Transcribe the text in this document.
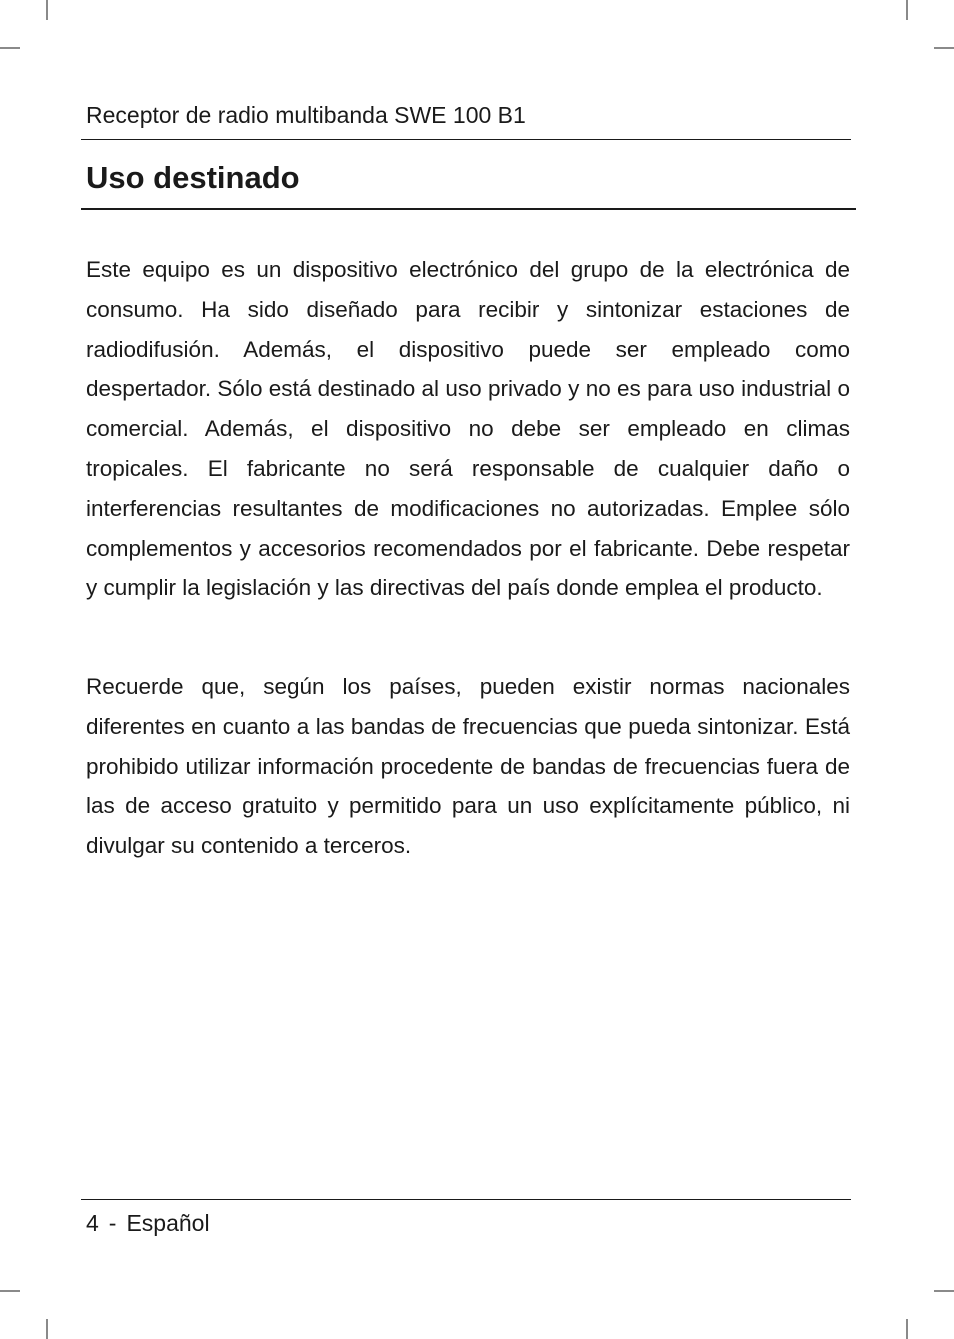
Receptor de radio multibanda SWE 100 B1
Uso destinado

Este equipo es un dispositivo electrónico del grupo de la electrónica de consumo. Ha sido diseñado para recibir y sintonizar estaciones de radiodifusión. Además, el dispositivo puede ser empleado como despertador. Sólo está destinado al uso privado y no es para uso industrial o comercial. Además, el dispositivo no debe ser empleado en climas tropicales. El fabricante no será responsable de cualquier daño o interferencias resultantes de modificaciones no autorizadas. Emplee sólo complementos y accesorios recomendados por el fabricante. Debe respetar y cumplir la legislación y las directivas del país donde emplea el producto.

Recuerde que, según los países, pueden existir normas nacionales diferentes en cuanto a las bandas de frecuencias que pueda sintonizar. Está prohibido utilizar información procedente de bandas de frecuencias fuera de las de acceso gratuito y permitido para un uso explícitamente público, ni divulgar su contenido a terceros.

4 - Español
